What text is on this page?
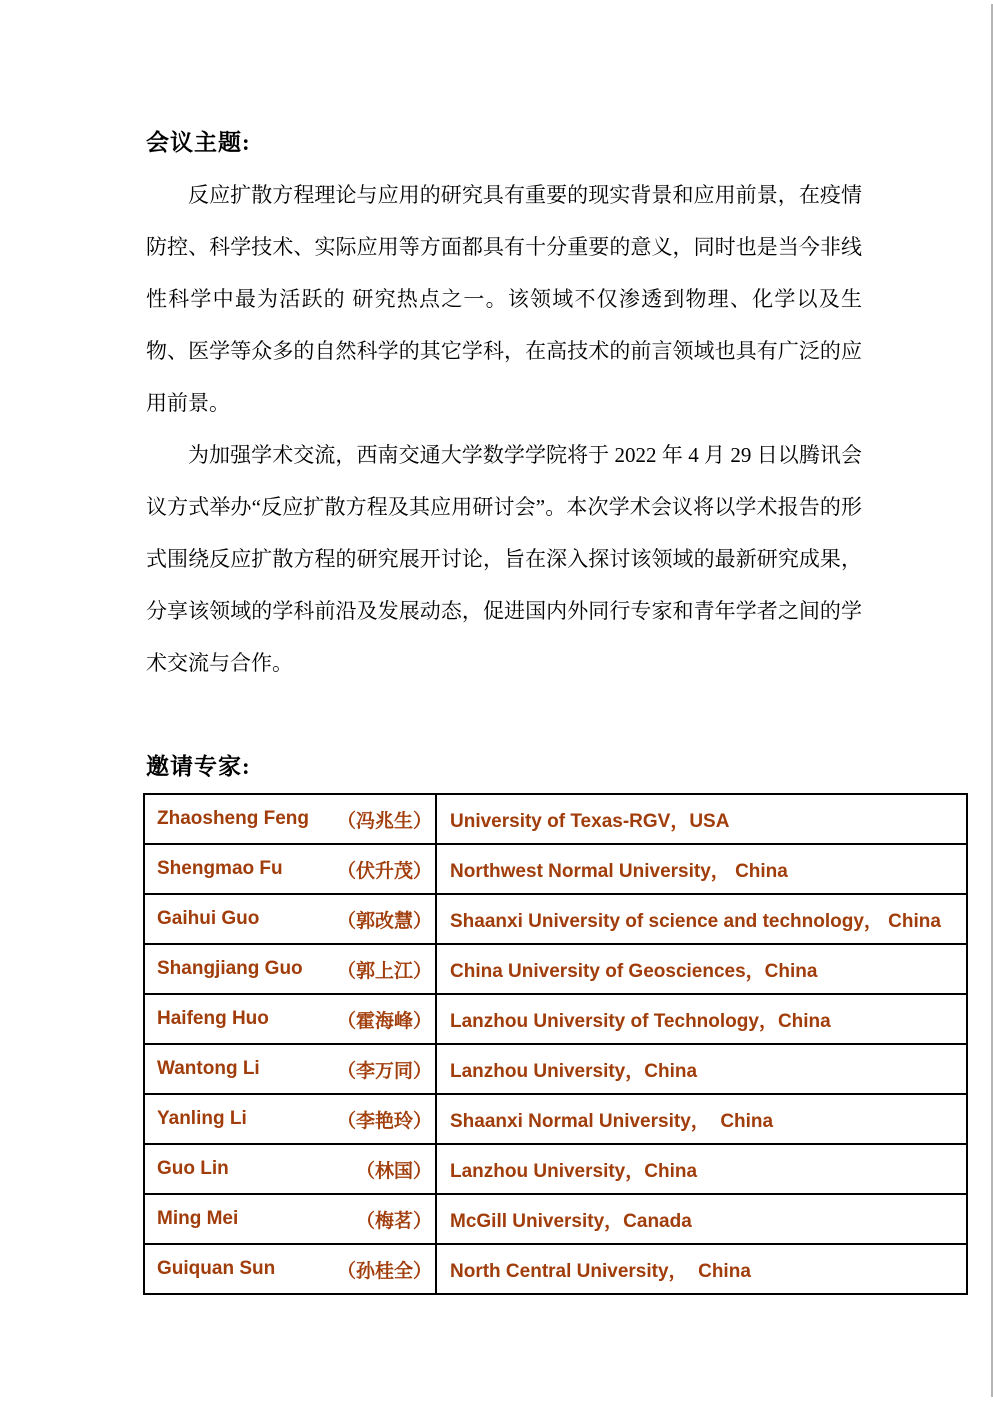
会议主题:

反应扩散方程理论与应用的研究具有重要的现实背景和应用前景，在疫情防控、科学技术、实际应用等方面都具有十分重要的意义，同时也是当今非线性科学中最为活跃的 研究热点之一。该领域不仅渗透到物理、化学以及生物、医学等众多的自然科学的其它学科，在高技术的前言领域也具有广泛的应用前景。

为加强学术交流，西南交通大学数学学院将于 2022 年 4 月 29 日以腾讯会议方式举办“反应扩散方程及其应用研讨会”。本次学术会议将以学术报告的形式围绕反应扩散方程的研究展开讨论，旨在深入探讨该领域的最新研究成果，分享该领域的学科前沿及发展动态，促进国内外同行专家和青年学者之间的学术交流与合作。

邀请专家:
Zhaosheng Feng （冯兆生）	University of Texas-RGV，USA

Shengmao Fu （伏升茂）	Northwest Normal University， China

Gaihui Guo （郭改慧）	Shaanxi University of science and technology， China

Shangjiang Guo （郭上江）	China University of Geosciences，China

Haifeng Huo （霍海峰）	Lanzhou University of Technology，China

Wantong Li （李万同）	Lanzhou University，China

Yanling Li （李艳玲）	Shaanxi Normal University，  China

Guo Lin （林国）	Lanzhou University，China

Ming Mei （梅茗）	McGill University，Canada

Guiquan Sun （孙桂全）	North Central University，  China
